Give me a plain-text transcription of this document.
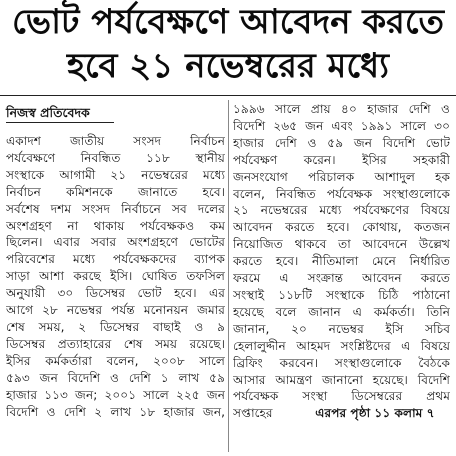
ভোট পর্যবেক্ষণে আবেদন করতে
হবে ২১ নভেম্বরের মধ্যে
নিজস্ব প্রতিবেদক
একাদশ জাতীয় সংসদ নির্বাচন
পর্যবেক্ষণে নিবন্ধিত ১১৮ স্থানীয়
সংস্থাকে আগামী ২১ নভেম্বরের মধ্যে
নির্বাচন কমিশনকে জানাতে হবে।
সর্বশেষ দশম সংসদ নির্বাচনে সব দলের
অংশগ্রহণ না থাকায় পর্যবেক্ষকও কম
ছিলেন। এবার সবার অংশগ্রহণে ভোটের
পরিবেশের মধ্যে পর্যবেক্ষকদের ব্যাপক
সাড়া আশা করছে ইসি। ঘোষিত তফসিল
অনুযায়ী ৩০ ডিসেম্বর ভোট হবে। এর
আগে ২৮ নভেম্বর পর্যন্ত মনোনয়ন জমার
শেষ সময়, ২ ডিসেম্বর বাছাই ও ৯
ডিসেম্বর প্রত্যাহারের শেষ সময় রয়েছে।
ইসির কর্মকর্তারা বলেন, ২০০৮ সালে
৫৯৩ জন বিদেশি ও দেশি ১ লাখ ৫৯
হাজার ১১৩ জন; ২০০১ সালে ২২৫ জন
বিদেশি ও দেশি ২ লাখ ১৮ হাজার জন,
১৯৯৬ সালে প্রায় ৪০ হাজার দেশি ও
বিদেশি ২৬৫ জন এবং ১৯৯১ সালে ৩০
হাজার দেশি ও ৫৯ জন বিদেশি ভোট
পর্যবেক্ষণ করেন। ইসির সহকারী
জনসংযোগ পরিচালক আশাদুল হক
বলেন, নিবন্ধিত পর্যবেক্ষক সংস্থাগুলোকে
২১ নভেম্বরের মধ্যে পর্যবেক্ষণের বিষয়ে
আবেদন করতে হবে। কোথায়, কতজন
নিয়োজিত থাকবে তা আবেদনে উল্লেখ
করতে হবে। নীতিমালা মেনে নির্ধারিত
ফরমে এ সংক্রান্ত আবেদন করতে
সংস্থাই ১১৮টি সংস্থাকে চিঠি পাঠানো
হয়েছে বলে জানান এ কর্মকর্তা। তিনি
জানান, ২০ নভেম্বর ইসি সচিব
হেলালুদ্দীন আহমদ সংশ্লিষ্টদের এ বিষয়ে
ব্রিফিং করবেন। সংস্থাগুলোকে বৈঠকে
আসার আমন্ত্রণ জানানো হয়েছে। বিদেশি
পর্যবেক্ষক সংস্থা ডিসেম্বরের প্রথম
সপ্তাহের	এরপর পৃষ্ঠা ১১ কলাম ৭
